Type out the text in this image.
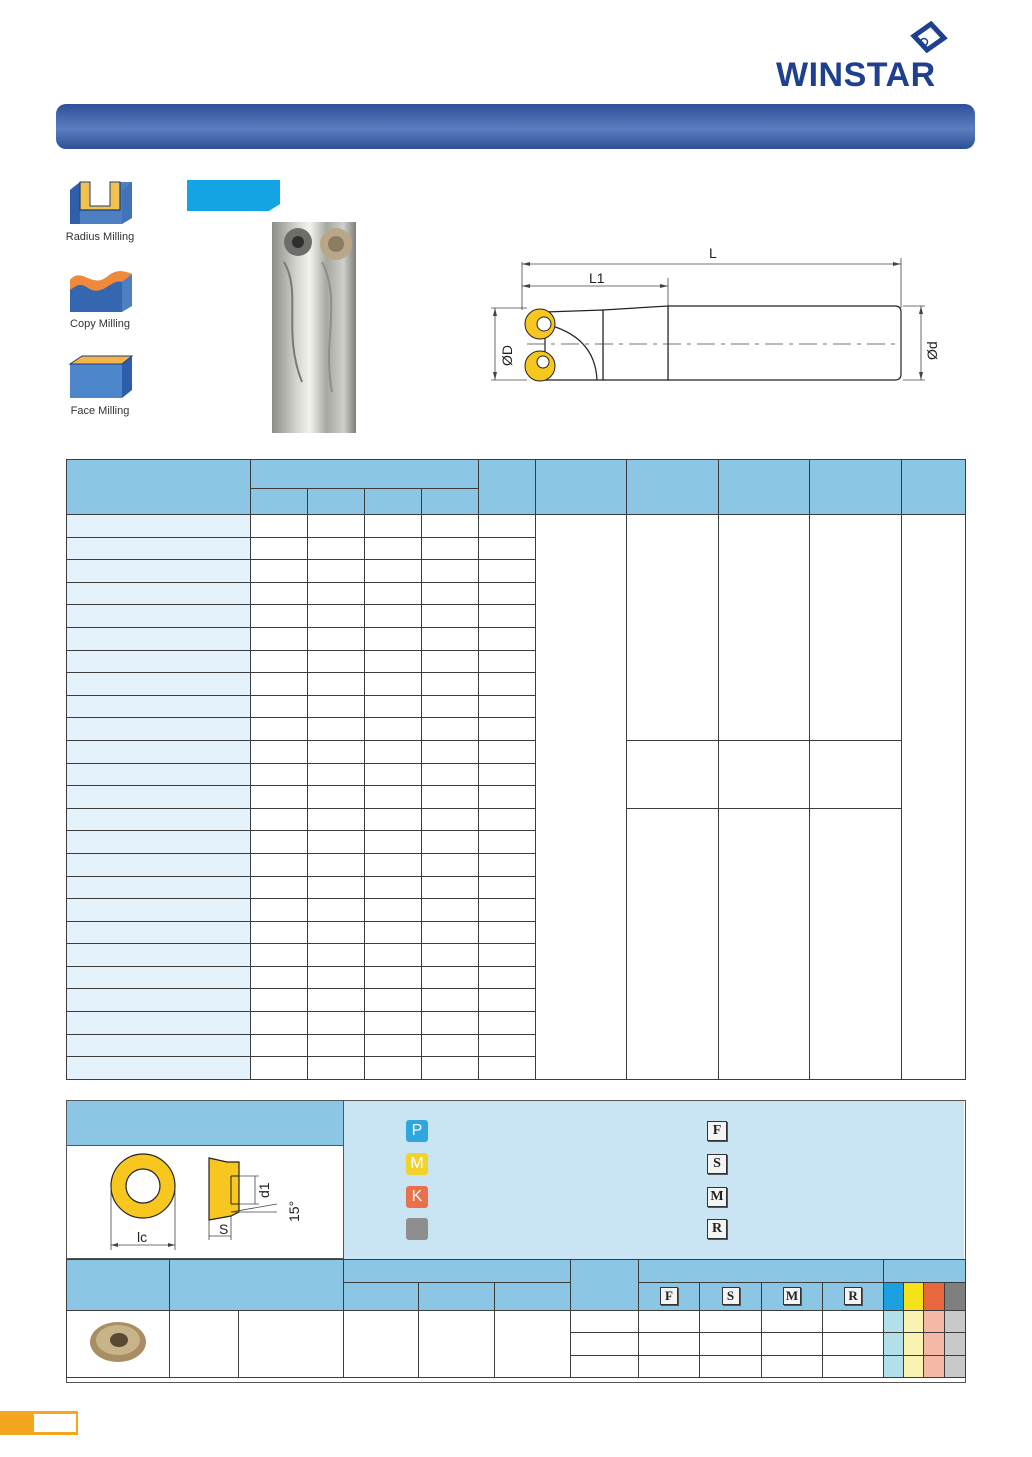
WINSTAR
Radius Milling
Copy Milling
Face Milling
L
L1
ØD	Ød

d1
15°
S
lc
P
M
K
F
S
M
R

							F	S	M	R				
